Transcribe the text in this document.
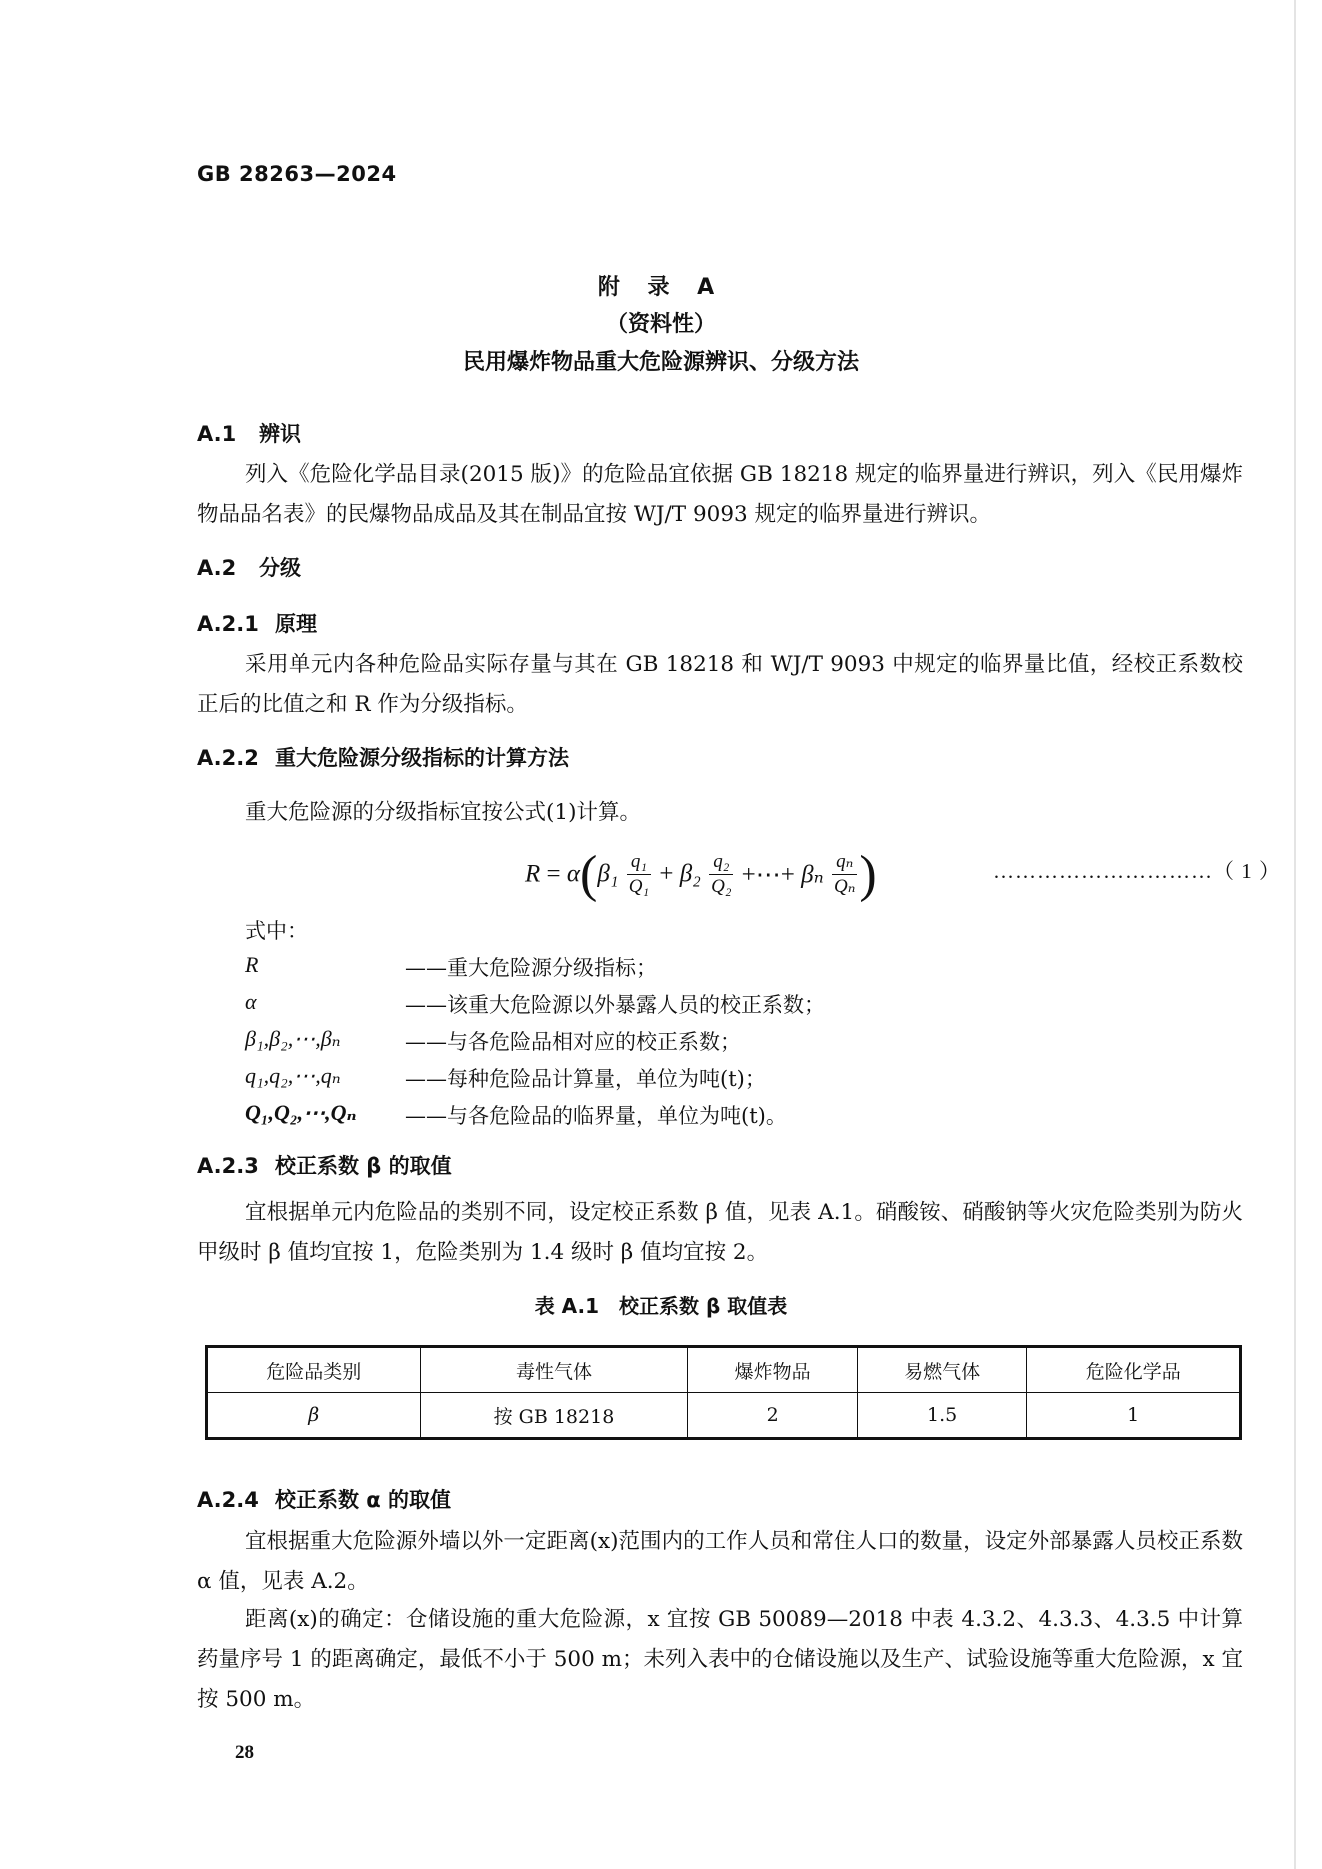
GB 28263—2024
附 录 A
（资料性）
民用爆炸物品重大危险源辨识、分级方法
A.1 辨识

列入《危险化学品目录(2015 版)》的危险品宜依据 GB 18218 规定的临界量进行辨识，列入《民用爆炸物品品名表》的民爆物品成品及其在制品宜按 WJ/T 9093 规定的临界量进行辨识。

A.2 分级
A.2.1 原理

采用单元内各种危险品实际存量与其在 GB 18218 和 WJ/T 9093 中规定的临界量比值，经校正系数校正后的比值之和 R 作为分级指标。

A.2.2 重大危险源分级指标的计算方法

重大危险源的分级指标宜按公式(1)计算。

$R = \alpha(\beta_1 \frac{\text{q₁}}{\text{Q₁}} + \beta_2 \frac{\text{q₂}}{\text{Q₂}}$ +⋯+ βₙ $\frac{\text{qₙ}}{\text{Qₙ}}$ )	…………………………（ 1 ）
式中：
R	——重大危险源分级指标；
α	——该重大危险源以外暴露人员的校正系数；
β₁,β₂,⋯,βₙ	——与各危险品相对应的校正系数；
q₁,q₂,⋯,qₙ	——每种危险品计算量，单位为吨(t)；
Q₁,Q₂,⋯,Qₙ ——与各危险品的临界量，单位为吨(t)。
A.2.3 校正系数 β 的取值

宜根据单元内危险品的类别不同，设定校正系数 β 值，见表 A.1。硝酸铵、硝酸钠等火灾危险类别为防火甲级时 β 值均宜按 1，危险类别为 1.4 级时 β 值均宜按 2。

表 A.1　校正系数 β 取值表
危险品类别	毒性气体	爆炸物品	易燃气体	危险化学品
β	按 GB 18218	2	1.5	1
A.2.4 校正系数 α 的取值

宜根据重大危险源外墙以外一定距离(x)范围内的工作人员和常住人口的数量，设定外部暴露人员校正系数 α 值，见表 A.2。

距离(x)的确定：仓储设施的重大危险源，x 宜按 GB 50089—2018 中表 4.3.2、4.3.3、4.3.5 中计算药量序号 1 的距离确定，最低不小于 500 m；未列入表中的仓储设施以及生产、试验设施等重大危险源，x 宜按 500 m。

28
